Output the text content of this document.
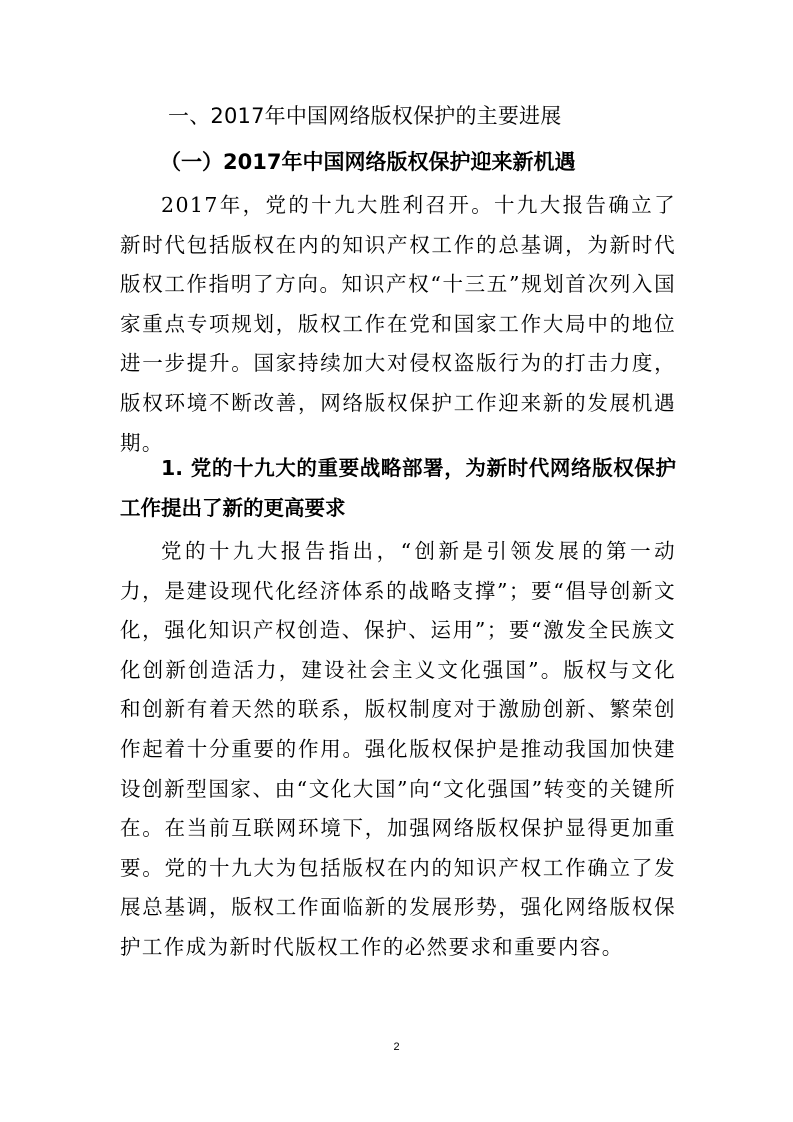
一、2017年中国网络版权保护的主要进展
（一）2017年中国网络版权保护迎来新机遇
2017年，党的十九大胜利召开。十九大报告确立了新时代包括版权在内的知识产权工作的总基调，为新时代版权工作指明了方向。知识产权“十三五”规划首次列入国家重点专项规划，版权工作在党和国家工作大局中的地位进一步提升。国家持续加大对侵权盗版行为的打击力度，版权环境不断改善，网络版权保护工作迎来新的发展机遇期。
1. 党的十九大的重要战略部署，为新时代网络版权保护工作提出了新的更高要求
党的十九大报告指出，“创新是引领发展的第一动力，是建设现代化经济体系的战略支撑”；要“倡导创新文化，强化知识产权创造、保护、运用”；要“激发全民族文化创新创造活力，建设社会主义文化强国”。版权与文化和创新有着天然的联系，版权制度对于激励创新、繁荣创作起着十分重要的作用。强化版权保护是推动我国加快建设创新型国家、由“文化大国”向“文化强国”转变的关键所在。在当前互联网环境下，加强网络版权保护显得更加重要。党的十九大为包括版权在内的知识产权工作确立了发展总基调，版权工作面临新的发展形势，强化网络版权保护工作成为新时代版权工作的必然要求和重要内容。
2
